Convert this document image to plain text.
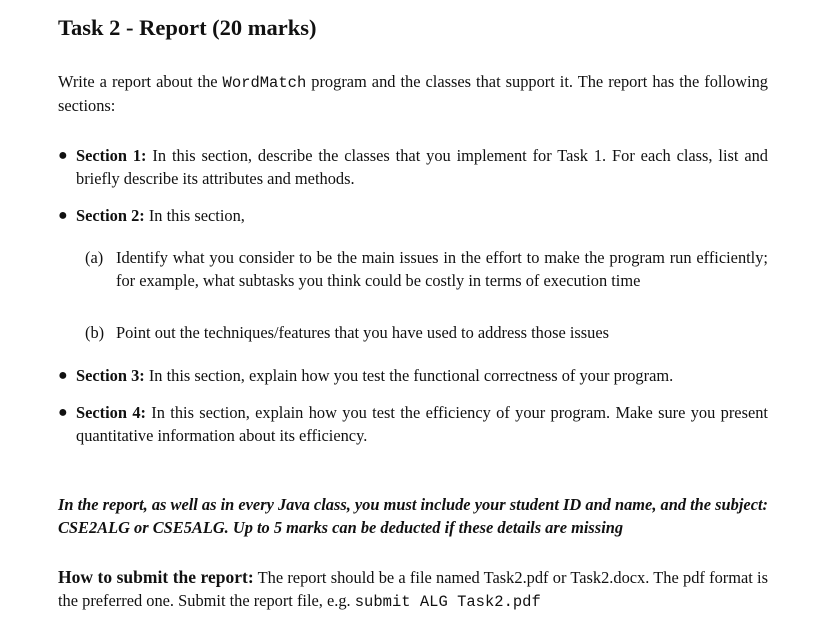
Task 2 - Report (20 marks)
Write a report about the WordMatch program and the classes that support it. The report has the following sections:
● Section 1: In this section, describe the classes that you implement for Task 1. For each class, list and briefly describe its attributes and methods.
● Section 2: In this section,
(a) Identify what you consider to be the main issues in the effort to make the program run efficiently; for example, what subtasks you think could be costly in terms of execution time
(b) Point out the techniques/features that you have used to address those issues
● Section 3: In this section, explain how you test the functional correctness of your program.
● Section 4: In this section, explain how you test the efficiency of your program. Make sure you present quantitative information about its efficiency.
In the report, as well as in every Java class, you must include your student ID and name, and the subject: CSE2ALG or CSE5ALG. Up to 5 marks can be deducted if these details are missing
How to submit the report: The report should be a file named Task2.pdf or Task2.docx. The pdf format is the preferred one. Submit the report file, e.g. submit ALG Task2.pdf
